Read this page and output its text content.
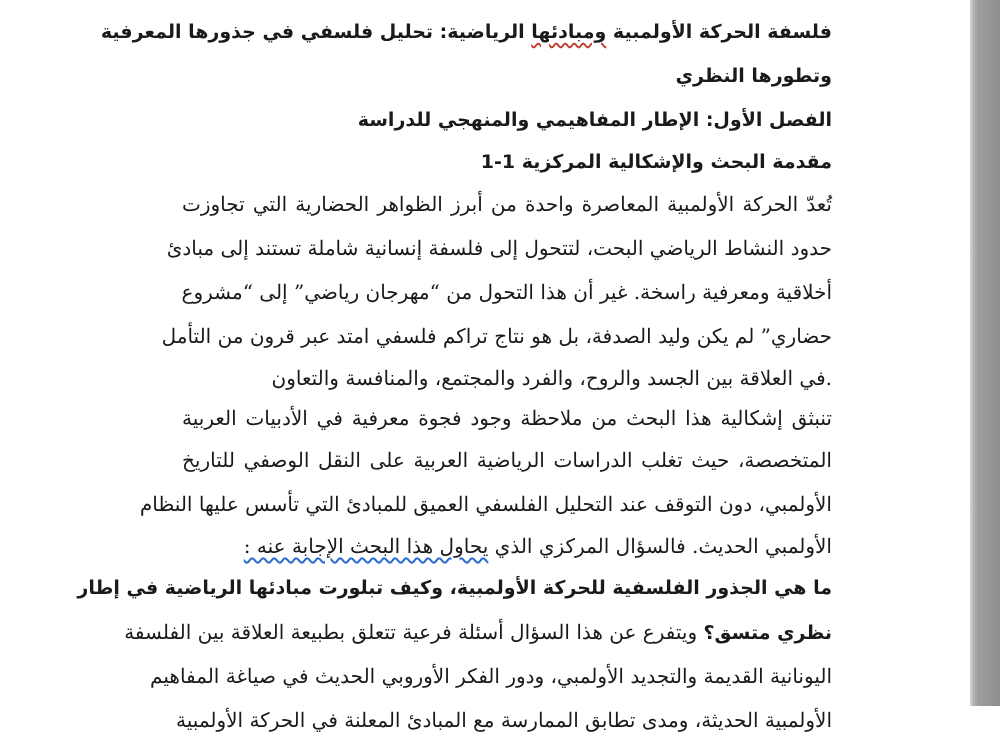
فلسفة الحركة الأولمبية ومبادئها الرياضية: تحليل فلسفي في جذورها المعرفية
وتطورها النظري
الفصل الأول: الإطار المفاهيمي والمنهجي للدراسة
مقدمة البحث والإشكالية المركزية 1-1
تُعدّ الحركة الأولمبية المعاصرة واحدة من أبرز الظواهر الحضارية التي تجاوزت
حدود النشاط الرياضي البحت، لتتحول إلى فلسفة إنسانية شاملة تستند إلى مبادئ
أخلاقية ومعرفية راسخة. غير أن هذا التحول من “مهرجان رياضي” إلى “مشروع
حضاري” لم يكن وليد الصدفة، بل هو نتاج تراكم فلسفي امتد عبر قرون من التأمل
.في العلاقة بين الجسد والروح، والفرد والمجتمع، والمنافسة والتعاون
تنبثق إشكالية هذا البحث من ملاحظة وجود فجوة معرفية في الأدبيات العربية
المتخصصة، حيث تغلب الدراسات الرياضية العربية على النقل الوصفي للتاريخ
الأولمبي، دون التوقف عند التحليل الفلسفي العميق للمبادئ التي تأسس عليها النظام
الأولمبي الحديث. فالسؤال المركزي الذي يحاول هذا البحث الإجابة عنه :
ما هي الجذور الفلسفية للحركة الأولمبية، وكيف تبلورت مبادئها الرياضية في إطار
نظري متسق؟ ويتفرع عن هذا السؤال أسئلة فرعية تتعلق بطبيعة العلاقة بين الفلسفة
اليونانية القديمة والتجديد الأولمبي، ودور الفكر الأوروبي الحديث في صياغة المفاهيم
الأولمبية الحديثة، ومدى تطابق الممارسة مع المبادئ المعلنة في الحركة الأولمبية
